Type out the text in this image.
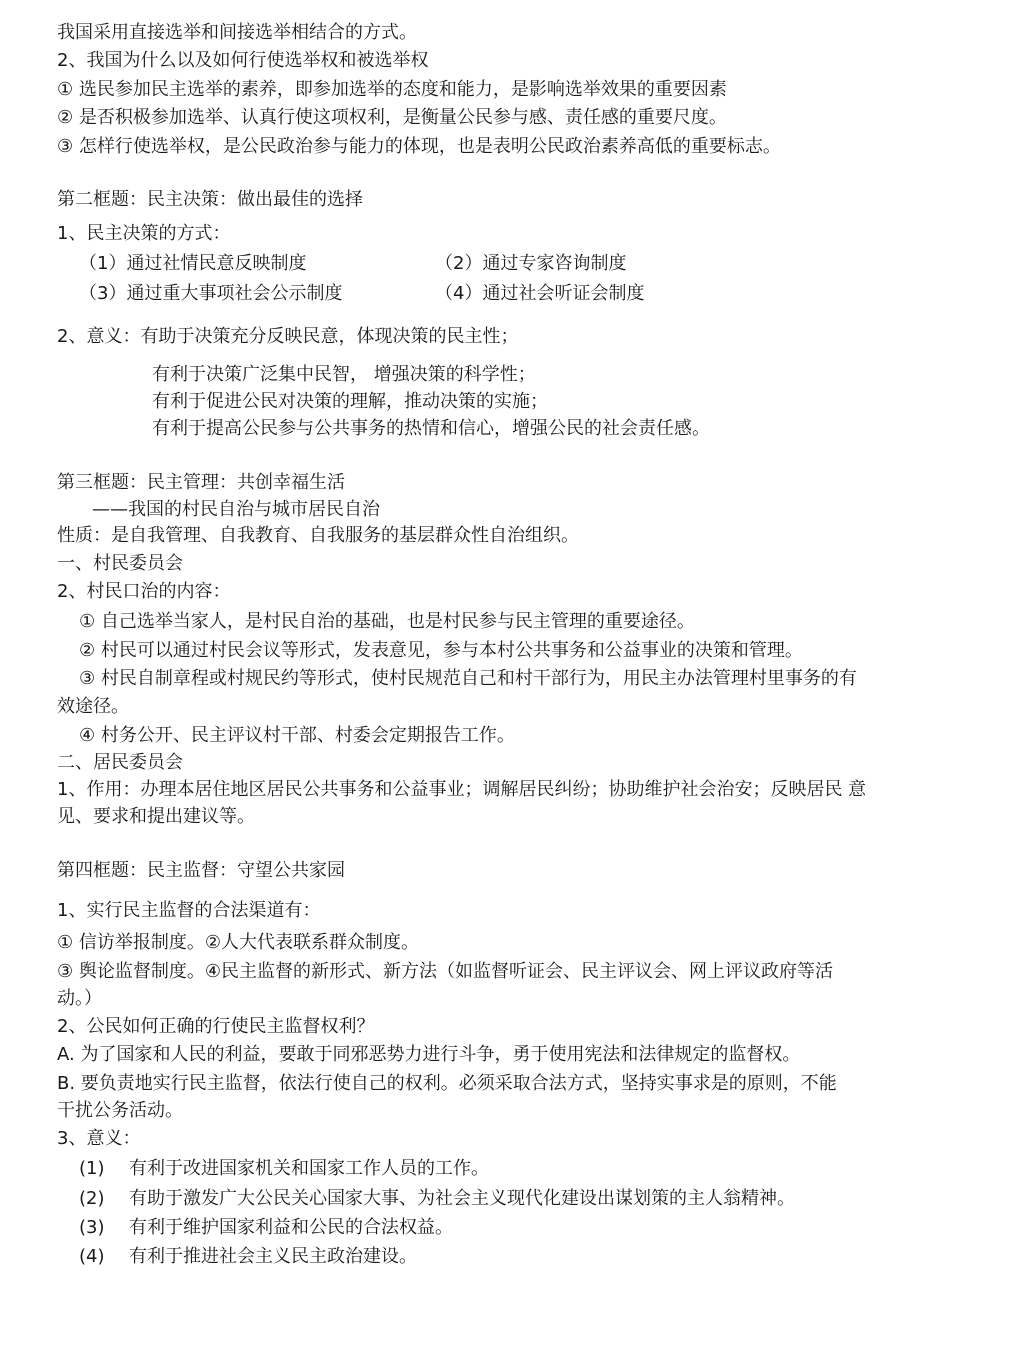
我国采用直接选举和间接选举相结合的方式。
2、我国为什么以及如何行使选举权和被选举权
① 选民参加民主选举的素养，即参加选举的态度和能力，是影响选举效果的重要因素
② 是否积极参加选举、认真行使这项权利，是衡量公民参与感、责任感的重要尺度。
③ 怎样行使选举权，是公民政治参与能力的体现，也是表明公民政治素养高低的重要标志。
第二框题：民主决策：做出最佳的选择
1、民主决策的方式：
（1）通过社情民意反映制度	（2）通过专家咨询制度
（3）通过重大事项社会公示制度	（4）通过社会听证会制度
2、意义：有助于决策充分反映民意，体现决策的民主性；
有利于决策广泛集中民智， 增强决策的科学性；
有利于促进公民对决策的理解，推动决策的实施；
有利于提高公民参与公共事务的热情和信心，增强公民的社会责任感。
第三框题：民主管理：共创幸福生活
——我国的村民自治与城市居民自治
性质：是自我管理、自我教育、自我服务的基层群众性自治组织。
一、村民委员会
2、村民口治的内容：
① 自己选举当家人，是村民自治的基础，也是村民参与民主管理的重要途径。
② 村民可以通过村民会议等形式，发表意见，参与本村公共事务和公益事业的决策和管理。
③ 村民自制章程或村规民约等形式，使村民规范自己和村干部行为，用民主办法管理村里事务的有
效途径。
④ 村务公开、民主评议村干部、村委会定期报告工作。
二、居民委员会
1、作用：办理本居住地区居民公共事务和公益事业；调解居民纠纷；协助维护社会治安；反映居民 意
见、要求和提出建议等。
第四框题：民主监督：守望公共家园
1、实行民主监督的合法渠道有：
① 信访举报制度。②人大代表联系群众制度。
③ 舆论监督制度。④民主监督的新形式、新方法（如监督听证会、民主评议会、网上评议政府等活
动。）
2、公民如何正确的行使民主监督权利？
A. 为了国家和人民的利益，要敢于同邪恶势力进行斗争，勇于使用宪法和法律规定的监督权。
B. 要负责地实行民主监督，依法行使自己的权利。必须采取合法方式，坚持实事求是的原则，不能
干扰公务活动。
3、意义：
(1) 有利于改进国家机关和国家工作人员的工作。
(2) 有助于激发广大公民关心国家大事、为社会主义现代化建设出谋划策的主人翁精神。
(3) 有利于维护国家利益和公民的合法权益。
(4) 有利于推进社会主义民主政治建设。
